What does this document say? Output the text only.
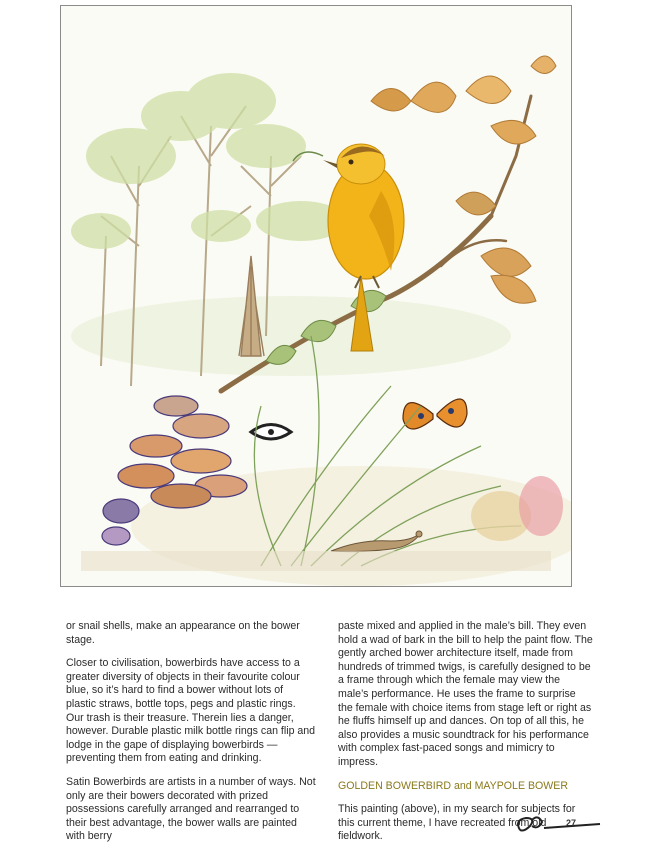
or snail shells, make an appearance on the bower stage.

Closer to civilisation, bowerbirds have access to a greater diversity of objects in their favourite colour blue, so it’s hard to find a bower without lots of plastic straws, bottle tops, pegs and plastic rings. Our trash is their treasure. Therein lies a danger, however. Durable plastic milk bottle rings can flip and lodge in the gape of displaying bowerbirds —preventing them from eating and drinking.

Satin Bowerbirds are artists in a number of ways. Not only are their bowers decorated with prized possessions carefully arranged and rearranged to their best advantage, the bower walls are painted with berry

paste mixed and applied in the male’s bill. They even hold a wad of bark in the bill to help the paint flow. The gently arched bower architecture itself, made from hundreds of trimmed twigs, is carefully designed to be a frame through which the female may view the male’s performance. He uses the frame to surprise the female with choice items from stage left or right as he fluffs himself up and dances. On top of all this, he also provides a music soundtrack for his performance with complex fast-paced songs and mimicry to impress.

GOLDEN BOWERBIRD and MAYPOLE BOWER

This painting (above), in my search for subjects for this current theme, I have recreated from old fieldwork.

27
